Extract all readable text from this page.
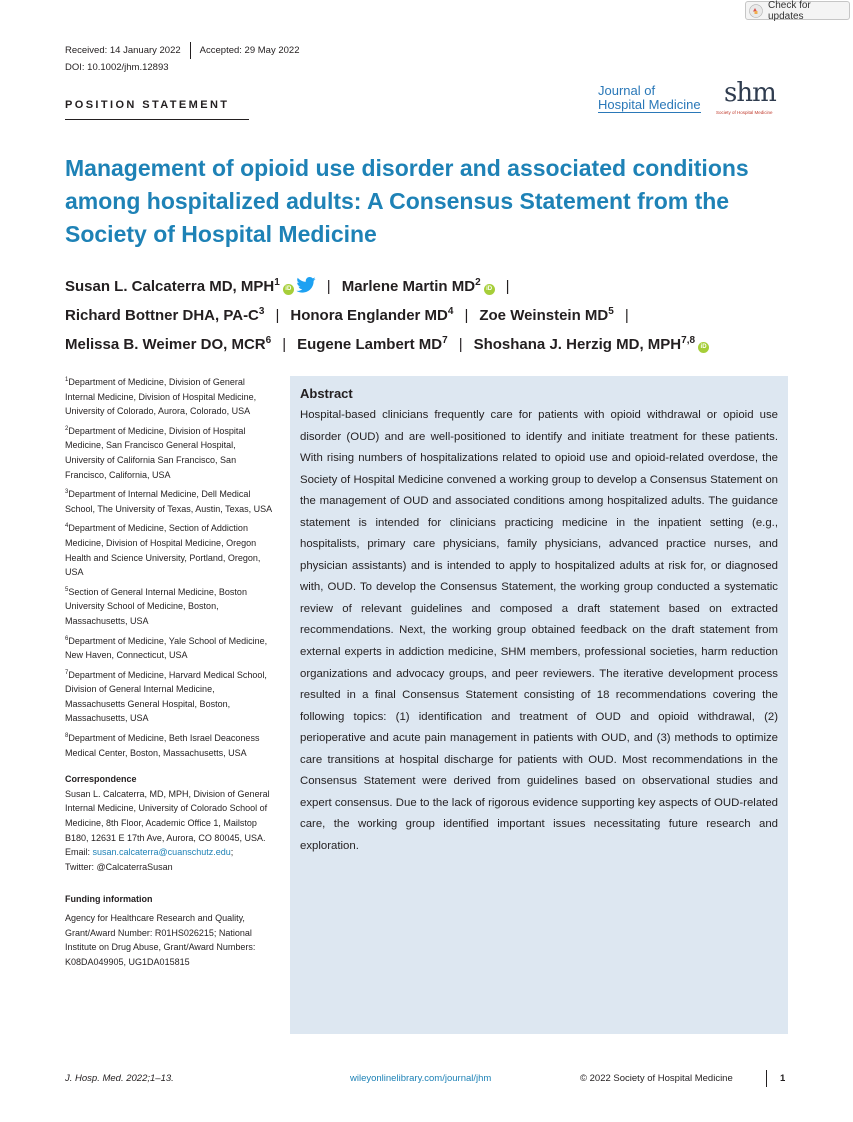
Check for updates
Received: 14 January 2022 Accepted: 29 May 2022
DOI: 10.1002/jhm.12893
POSITION STATEMENT
Journal of
Hospital Medicine shm
Society of Hospital Medicine
Management of opioid use disorder and associated conditions among hospitalized adults: A Consensus Statement from the Society of Hospital Medicine
Susan L. Calcaterra MD, MPH$^1$iD | Marlene Martin $MD^2iD$ |
Richard Bottner DHA, $PA-C^3$ | Honora Englander $MD^4$ | Zoe Weinstein $MD^5$ |
Melissa B. Weimer DO, MCR$^6$ | Eugene Lambert $MD^7$ | Shoshana J. Herzig MD, MPH$^{7,8}$iD

$^1$Department of Medicine, Division of General Internal Medicine, Division of Hospital Medicine, University of Colorado, Aurora, Colorado, USA

$^2$Department of Medicine, Division of Hospital Medicine, San Francisco General Hospital, University of California San Francisco, San Francisco, California, USA

$^3$Department of Internal Medicine, Dell Medical School, The University of Texas, Austin, Texas, USA

$^4$Department of Medicine, Section of Addiction Medicine, Division of Hospital Medicine, Oregon Health and Science University, Portland, Oregon, USA

$^5$Section of General Internal Medicine, Boston University School of Medicine, Boston, Massachusetts, USA

$^6$Department of Medicine, Yale School of Medicine, New Haven, Connecticut, USA

$^7$Department of Medicine, Harvard Medical School, Division of General Internal Medicine, Massachusetts General Hospital, Boston, Massachusetts, USA

$^8$Department of Medicine, Beth Israel Deaconess Medical Center, Boston, Massachusetts, USA

Correspondence
Susan L. Calcaterra, MD, MPH, Division of General Internal Medicine, University of Colorado School of Medicine, 8th Floor, Academic Office 1, Mailstop B180, 12631 E 17th Ave, Aurora, CO 80045, USA.
Email: susan.calcaterra@cuanschutz.edu;
Twitter: @CalcaterraSusan
Funding information
Agency for Healthcare Research and Quality, Grant/Award Number: R01HS026215; National Institute on Drug Abuse, Grant/Award Numbers: K08DA049905, UG1DA015815
Abstract

Hospital-based clinicians frequently care for patients with opioid withdrawal or opioid use disorder (OUD) and are well-positioned to identify and initiate treatment for these patients. With rising numbers of hospitalizations related to opioid use and opioid-related overdose, the Society of Hospital Medicine convened a working group to develop a Consensus Statement on the management of OUD and associated conditions among hospitalized adults. The guidance statement is intended for clinicians practicing medicine in the inpatient setting (e.g., hospitalists, primary care physicians, family physicians, advanced practice nurses, and physician assistants) and is intended to apply to hospitalized adults at risk for, or diagnosed with, OUD. To develop the Consensus Statement, the working group conducted a systematic review of relevant guidelines and composed a draft statement based on extracted recommendations. Next, the working group obtained feedback on the draft statement from external experts in addiction medicine, SHM members, professional societies, harm reduction organizations and advocacy groups, and peer reviewers. The iterative development process resulted in a final Consensus Statement consisting of 18 recommendations covering the following topics: (1) identification and treatment of OUD and opioid withdrawal, (2) perioperative and acute pain management in patients with OUD, and (3) methods to optimize care transitions at hospital discharge for patients with OUD. Most recommendations in the Consensus Statement were derived from guidelines based on observational studies and expert consensus. Due to the lack of rigorous evidence supporting key aspects of OUD-related care, the working group identified important issues necessitating future research and exploration.

J. Hosp. Med. 2022;1–13.	wileyonlinelibrary.com/journal/jhm	© 2022 Society of Hospital Medicine	1
